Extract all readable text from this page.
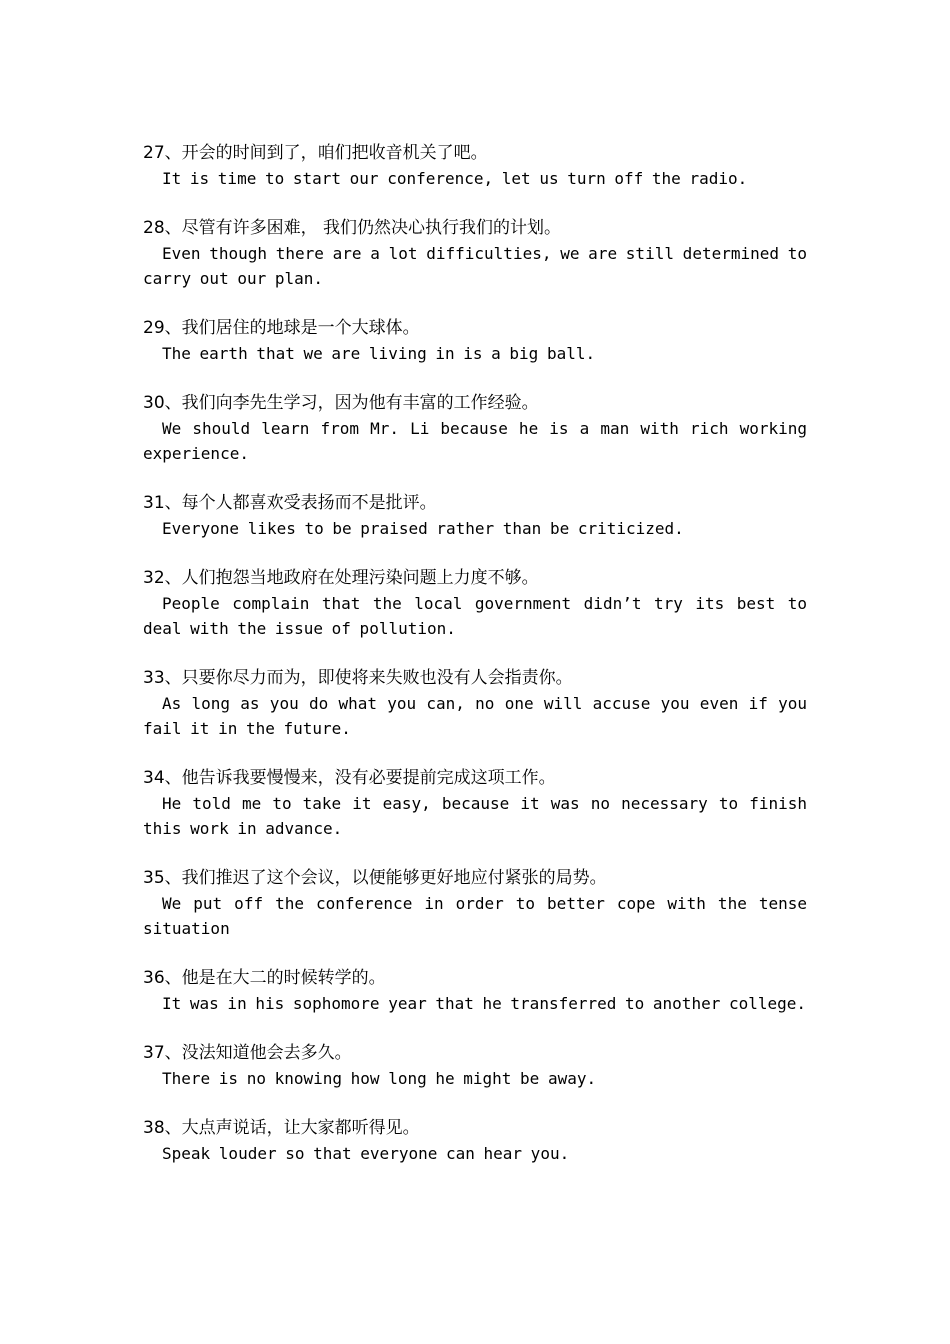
27、开会的时间到了，咱们把收音机关了吧。
It is time to start our conference, let us turn off the radio.
28、尽管有许多困难， 我们仍然决心执行我们的计划。
Even though there are a lot difficulties, we are still determined to carry out our plan.
29、我们居住的地球是一个大球体。
The earth that we are living in is a big ball.
30、我们向李先生学习，因为他有丰富的工作经验。
We should learn from Mr. Li because he is a man with rich working experience.
31、每个人都喜欢受表扬而不是批评。
Everyone likes to be praised rather than be criticized.
32、人们抱怨当地政府在处理污染问题上力度不够。
People complain that the local government didn’t try its best to deal with the issue of pollution.
33、只要你尽力而为，即使将来失败也没有人会指责你。
As long as you do what you can, no one will accuse you even if you fail it in the future.
34、他告诉我要慢慢来，没有必要提前完成这项工作。
He told me to take it easy, because it was no necessary to finish this work in advance.
35、我们推迟了这个会议，以便能够更好地应付紧张的局势。
We put off the conference in order to better cope with the tense situation
36、他是在大二的时候转学的。
It was in his sophomore year that he transferred to another college.
37、没法知道他会去多久。
There is no knowing how long he might be away.
38、大点声说话，让大家都听得见。
Speak louder so that everyone can hear you.
